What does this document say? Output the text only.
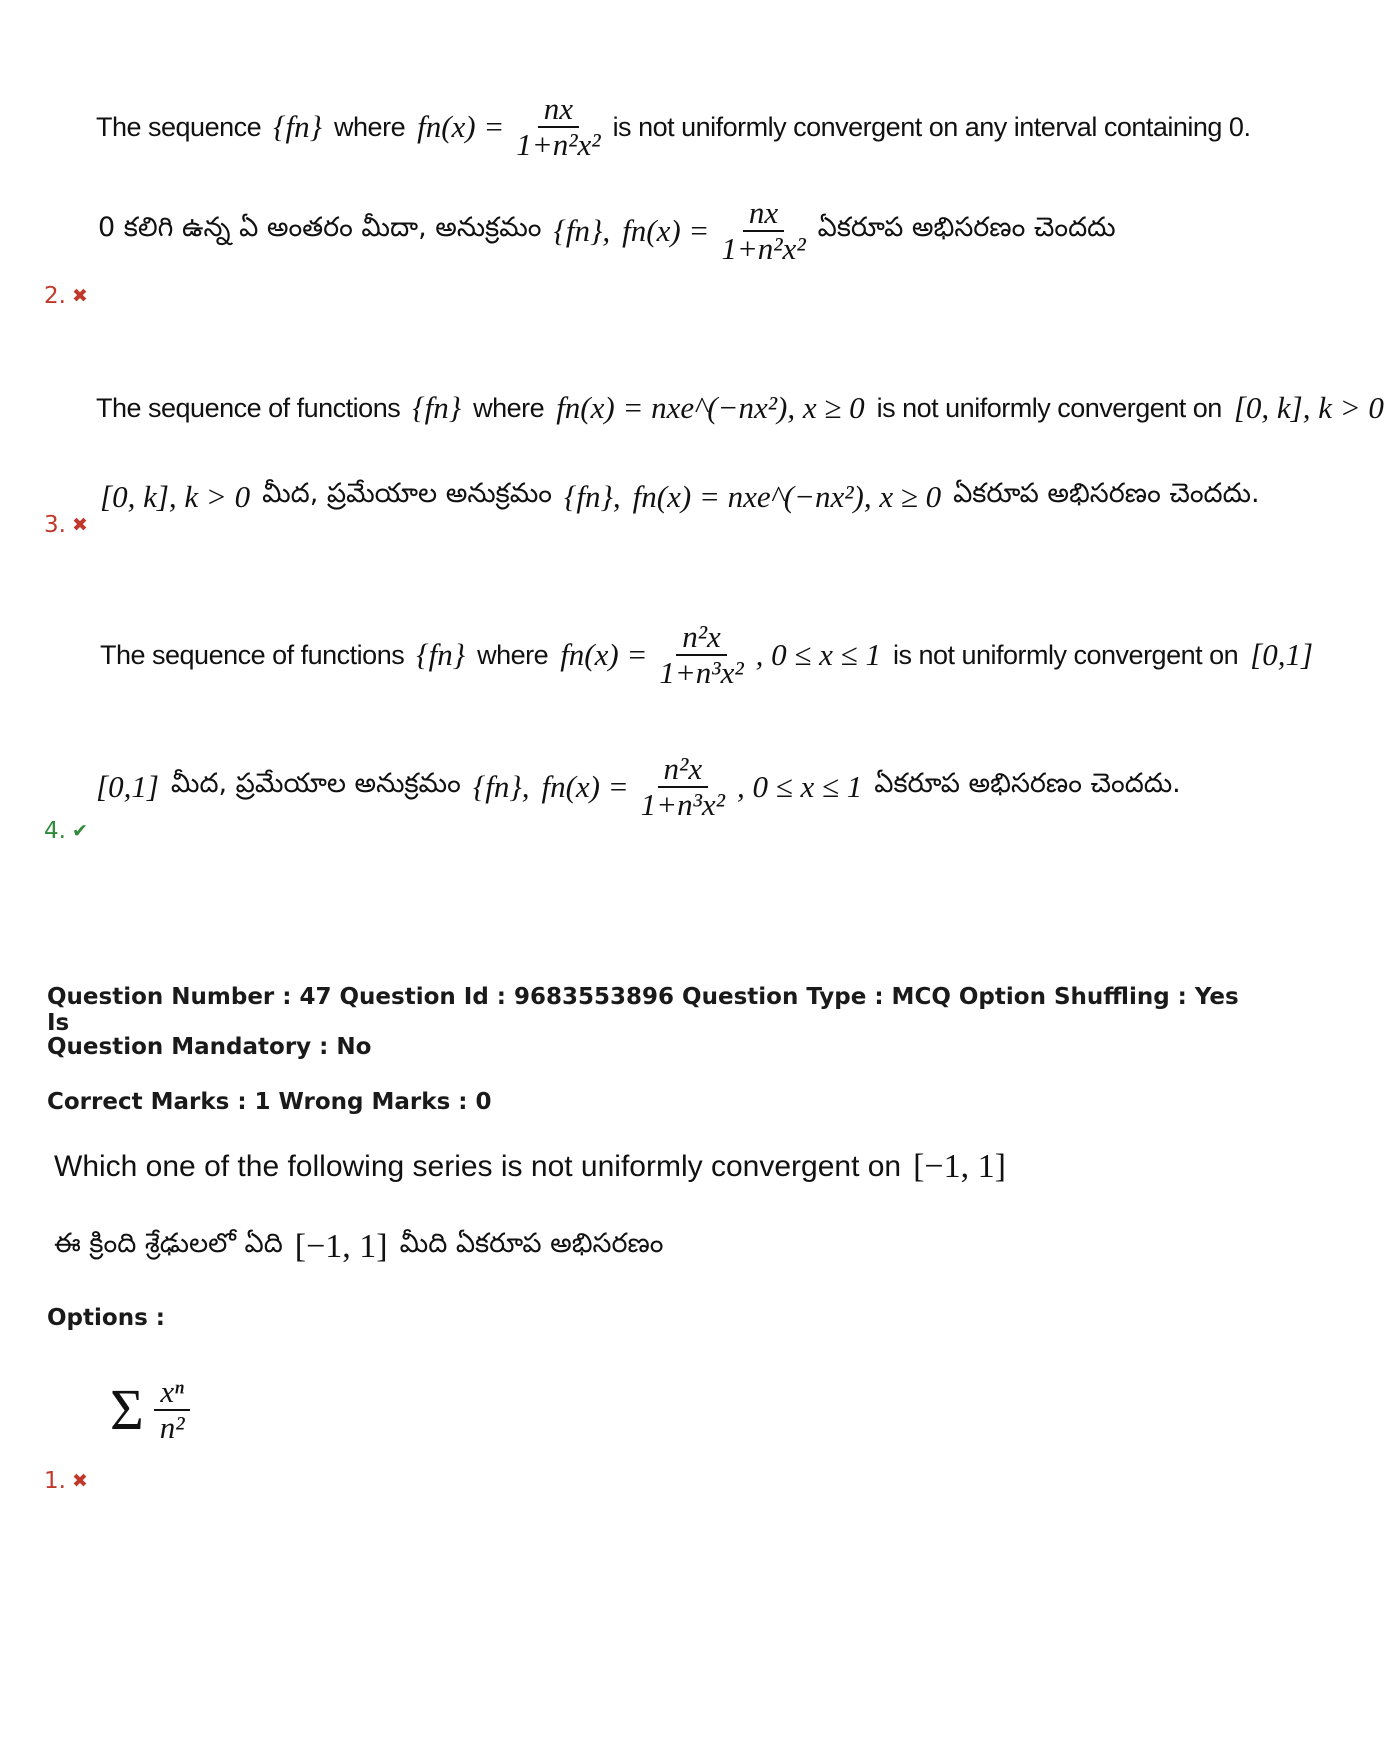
The sequence {fn} where $fn(x) = \frac{nx}{\text{1+n²x²}}$ is not uniformly convergent on any interval containing 0.
0 కలిగి ఉన్న ఏ అంతరం మీదా, అనుక్రమం {fn}, $fn(x) = \frac{nx}{\text{1+n²x²}}$ ఏకరూప అభిసరణం చెందదు
2. ✖
The sequence of functions {fn} where fn(x) = nxe^(−nx²), x ≥ 0 is not uniformly convergent on [0, k], k > 0
[0, k], k > 0 మీద, ప్రమేయాల అనుక్రమం {fn}, fn(x) = nxe^(−nx²), x ≥ 0 ఏకరూప అభిసరణం చెందదు.
3. ✖
The sequence of functions {fn} where $fn(x) = \frac{\text{n²x}}{\text{1+n³x²}}$ , 0 ≤ x ≤ 1 is not uniformly convergent on [0,1]
[0,1] మీద, ప్రమేయాల అనుక్రమం {fn}, $fn(x) = \frac{\text{n²x}}{\text{1+n³x²}}$ , 0 ≤ x ≤ 1 ఏకరూప అభిసరణం చెందదు.
4. ✔
Question Number : 47 Question Id : 9683553896 Question Type : MCQ Option Shuffling : Yes Is
Question Mandatory : No
Correct Marks : 1 Wrong Marks : 0
Which one of the following series is not uniformly convergent on [−1, 1]
ఈ క్రింది శ్రేఢులలో ఏది [−1, 1] మీది ఏకరూప అభిసరణం
Options :
Σ $\frac{\text{xⁿ}}{\text{n²}}$
1. ✖
